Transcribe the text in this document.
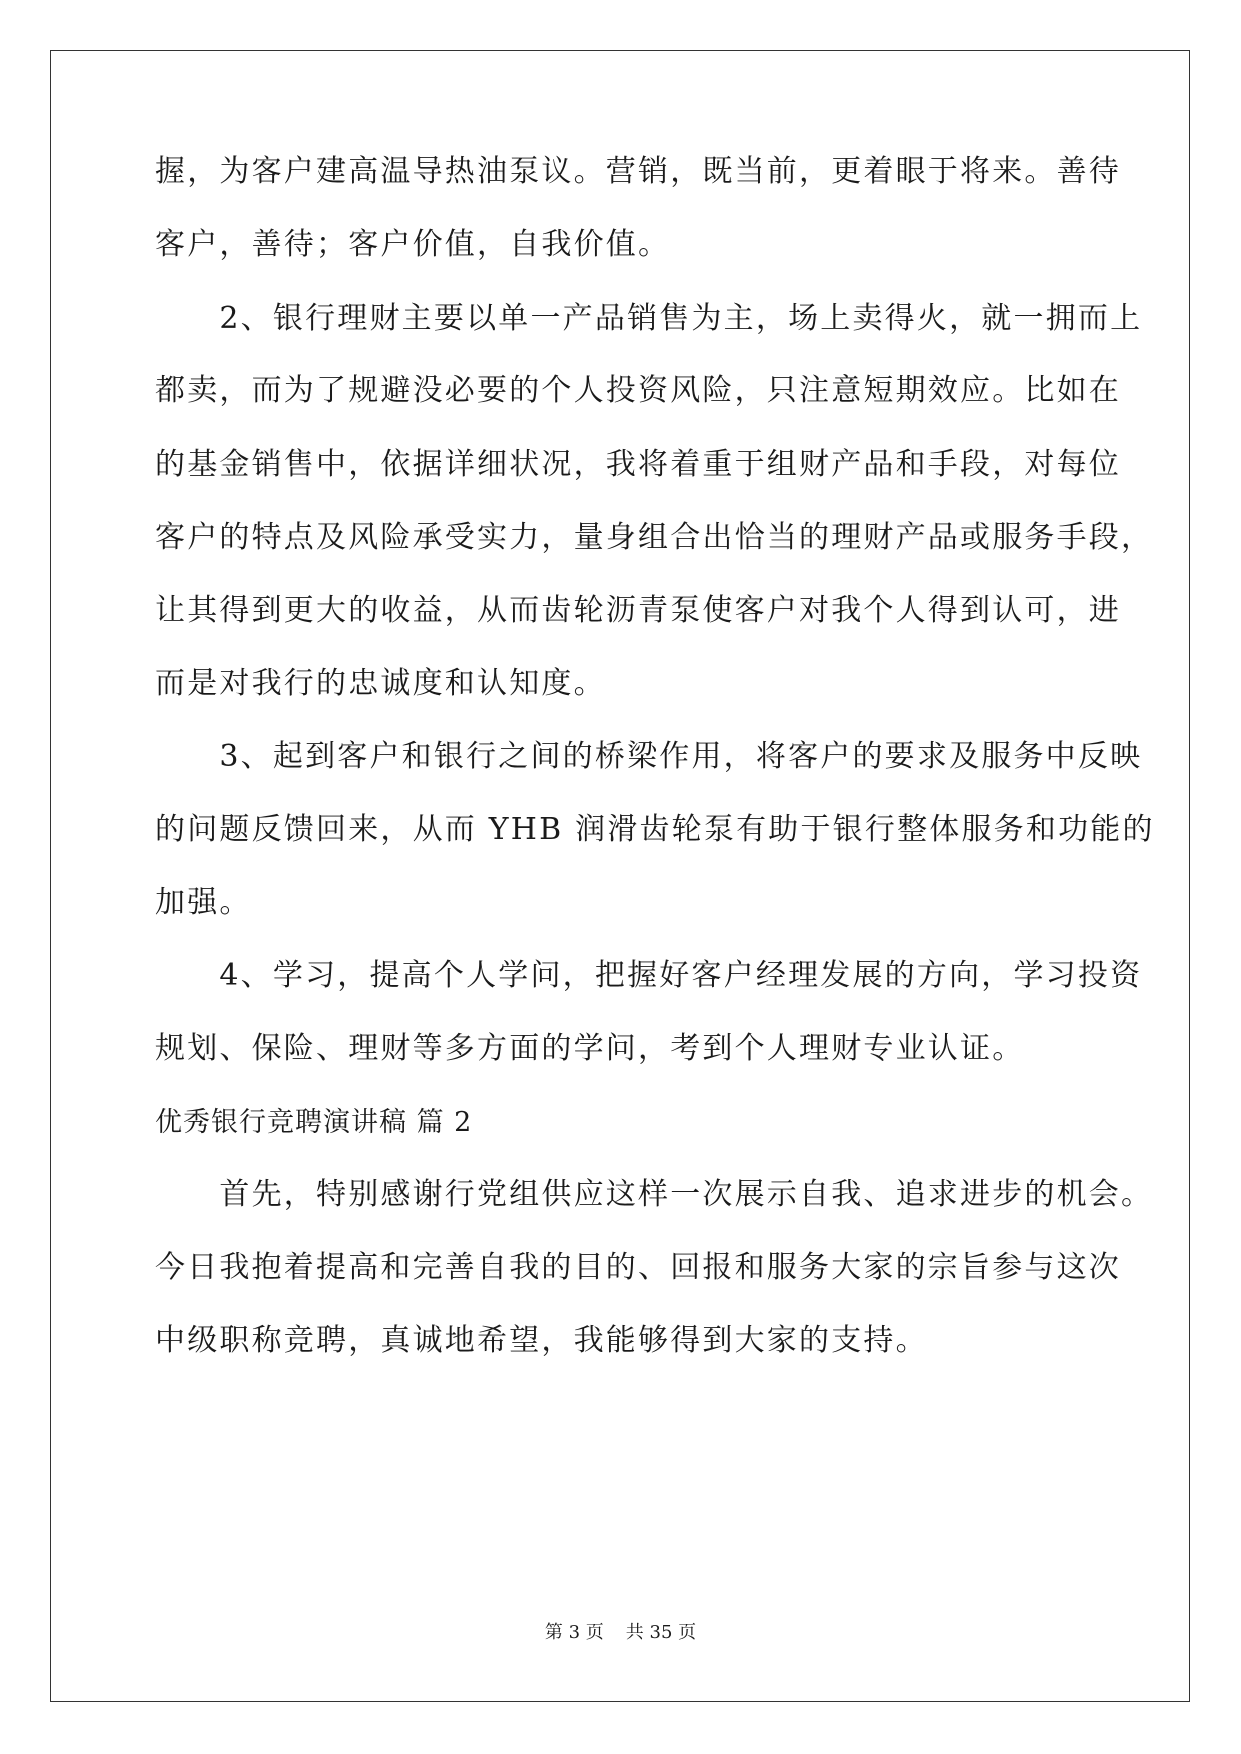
握，为客户建高温导热油泵议。营销，既当前，更着眼于将来。善待
客户，善待；客户价值，自我价值。
　　2、银行理财主要以单一产品销售为主，场上卖得火，就一拥而上
都卖，而为了规避没必要的个人投资风险，只注意短期效应。比如在
的基金销售中，依据详细状况，我将着重于组财产品和手段，对每位
客户的特点及风险承受实力，量身组合出恰当的理财产品或服务手段，
让其得到更大的收益，从而齿轮沥青泵使客户对我个人得到认可，进
而是对我行的忠诚度和认知度。
　　3、起到客户和银行之间的桥梁作用，将客户的要求及服务中反映
的问题反馈回来，从而 YHB 润滑齿轮泵有助于银行整体服务和功能的
加强。
　　4、学习，提高个人学问，把握好客户经理发展的方向，学习投资
规划、保险、理财等多方面的学问，考到个人理财专业认证。
优秀银行竞聘演讲稿 篇 2
　　首先，特别感谢行党组供应这样一次展示自我、追求进步的机会。
今日我抱着提高和完善自我的目的、回报和服务大家的宗旨参与这次
中级职称竞聘，真诚地希望，我能够得到大家的支持。
第 3 页 共 35 页
